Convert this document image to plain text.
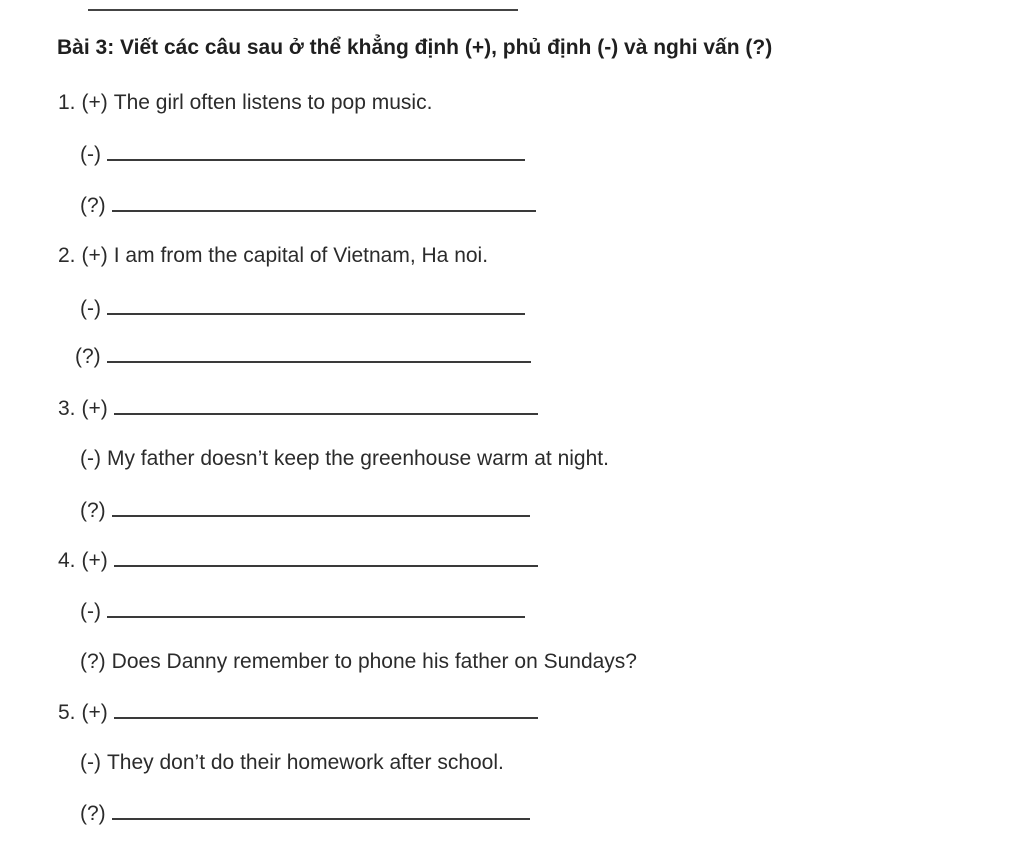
Bài 3: Viết các câu sau ở thể khẳng định (+), phủ định (-) và nghi vấn (?)
1. (+) The girl often listens to pop music.
(-)
(?)
2. (+) I am from the capital of Vietnam, Ha noi.
(-)
(?)
3. (+)
(-) My father doesn’t keep the greenhouse warm at night.
(?)
4. (+)
(-)
(?) Does Danny remember to phone his father on Sundays?
5. (+)
(-) They don’t do their homework after school.
(?)
